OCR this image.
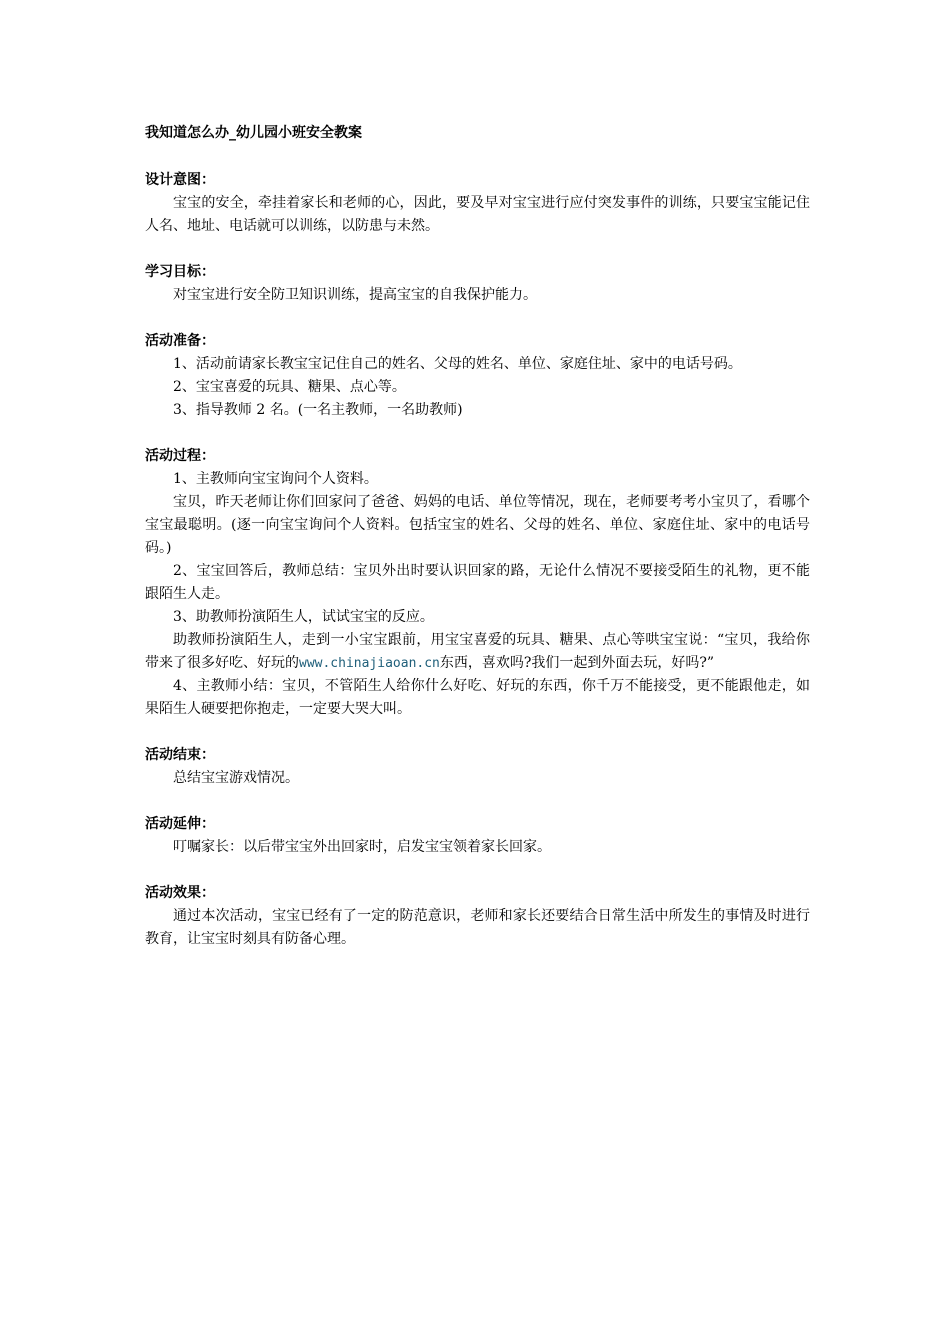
我知道怎么办_幼儿园小班安全教案
设计意图：

宝宝的安全，牵挂着家长和老师的心，因此，要及早对宝宝进行应付突发事件的训练，只要宝宝能记住人名、地址、电话就可以训练，以防患与未然。

学习目标：

对宝宝进行安全防卫知识训练，提高宝宝的自我保护能力。

活动准备：

1、活动前请家长教宝宝记住自己的姓名、父母的姓名、单位、家庭住址、家中的电话号码。

2、宝宝喜爱的玩具、糖果、点心等。

3、指导教师 2 名。(一名主教师，一名助教师)

活动过程：

1、主教师向宝宝询问个人资料。

宝贝，昨天老师让你们回家问了爸爸、妈妈的电话、单位等情况，现在，老师要考考小宝贝了，看哪个宝宝最聪明。(逐一向宝宝询问个人资料。包括宝宝的姓名、父母的姓名、单位、家庭住址、家中的电话号码。)

2、宝宝回答后，教师总结：宝贝外出时要认识回家的路，无论什么情况不要接受陌生的礼物，更不能跟陌生人走。

3、助教师扮演陌生人，试试宝宝的反应。

助教师扮演陌生人，走到一小宝宝跟前，用宝宝喜爱的玩具、糖果、点心等哄宝宝说：“宝贝，我给你带来了很多好吃、好玩的www.chinajiaoan.cn东西，喜欢吗?我们一起到外面去玩，好吗?”

4、主教师小结：宝贝，不管陌生人给你什么好吃、好玩的东西，你千万不能接受，更不能跟他走，如果陌生人硬要把你抱走，一定要大哭大叫。

活动结束：

总结宝宝游戏情况。

活动延伸：

叮嘱家长：以后带宝宝外出回家时，启发宝宝领着家长回家。

活动效果：

通过本次活动，宝宝已经有了一定的防范意识，老师和家长还要结合日常生活中所发生的事情及时进行教育，让宝宝时刻具有防备心理。
